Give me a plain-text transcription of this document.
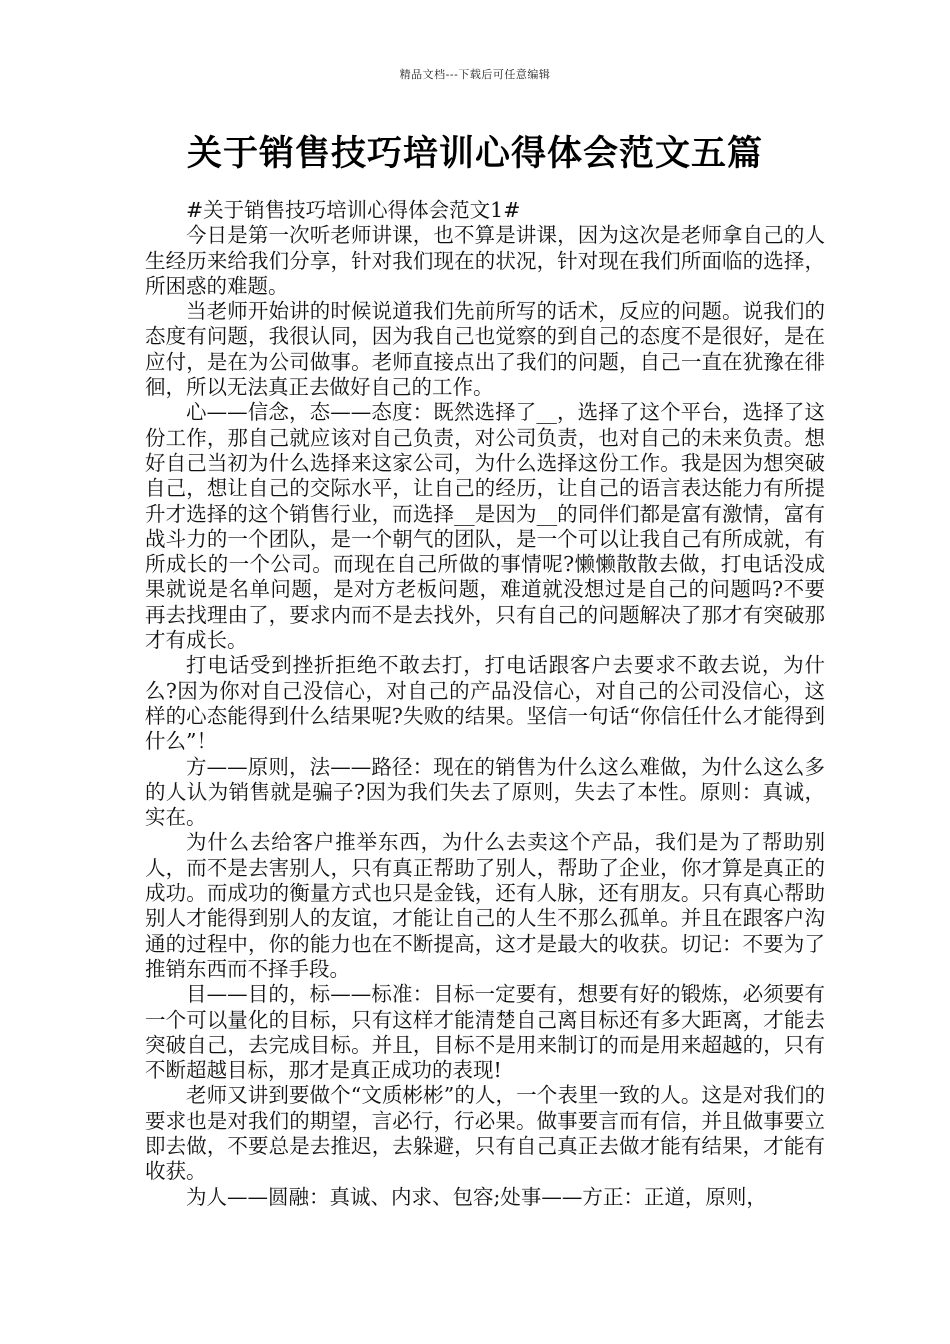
精品文档---下载后可任意编辑
关于销售技巧培训心得体会范文五篇

#关于销售技巧培训心得体会范文1#

今日是第一次听老师讲课，也不算是讲课，因为这次是老师拿自己的人生经历来给我们分享，针对我们现在的状况，针对现在我们所面临的选择，所困惑的难题。

当老师开始讲的时候说道我们先前所写的话术，反应的问题。说我们的态度有问题，我很认同，因为我自己也觉察的到自己的态度不是很好，是在应付，是在为公司做事。老师直接点出了我们的问题，自己一直在犹豫在徘徊，所以无法真正去做好自己的工作。

心——信念，态——态度：既然选择了__，选择了这个平台，选择了这份工作，那自己就应该对自己负责，对公司负责，也对自己的未来负责。想好自己当初为什么选择来这家公司，为什么选择这份工作。我是因为想突破自己，想让自己的交际水平，让自己的经历，让自己的语言表达能力有所提升才选择的这个销售行业，而选择__是因为__的同伴们都是富有激情，富有战斗力的一个团队，是一个朝气的团队，是一个可以让我自己有所成就，有所成长的一个公司。而现在自己所做的事情呢?懒懒散散去做，打电话没成果就说是名单问题，是对方老板问题，难道就没想过是自己的问题吗?不要再去找理由了，要求内而不是去找外，只有自己的问题解决了那才有突破那才有成长。

打电话受到挫折拒绝不敢去打，打电话跟客户去要求不敢去说，为什么?因为你对自己没信心，对自己的产品没信心，对自己的公司没信心，这样的心态能得到什么结果呢?失败的结果。坚信一句话“你信任什么才能得到什么”！

方——原则，法——路径：现在的销售为什么这么难做，为什么这么多的人认为销售就是骗子?因为我们失去了原则，失去了本性。原则：真诚，实在。

为什么去给客户推举东西，为什么去卖这个产品，我们是为了帮助别人，而不是去害别人，只有真正帮助了别人，帮助了企业，你才算是真正的成功。而成功的衡量方式也只是金钱，还有人脉，还有朋友。只有真心帮助别人才能得到别人的友谊，才能让自己的人生不那么孤单。并且在跟客户沟通的过程中，你的能力也在不断提高，这才是最大的收获。切记：不要为了推销东西而不择手段。

目——目的，标——标准：目标一定要有，想要有好的锻炼，必须要有一个可以量化的目标，只有这样才能清楚自己离目标还有多大距离，才能去突破自己，去完成目标。并且，目标不是用来制订的而是用来超越的，只有不断超越目标，那才是真正成功的表现!

老师又讲到要做个“文质彬彬”的人，一个表里一致的人。这是对我们的要求也是对我们的期望，言必行，行必果。做事要言而有信，并且做事要立即去做，不要总是去推迟，去躲避，只有自己真正去做才能有结果，才能有收获。

为人——圆融：真诚、内求、包容;处事——方正：正道，原则，
